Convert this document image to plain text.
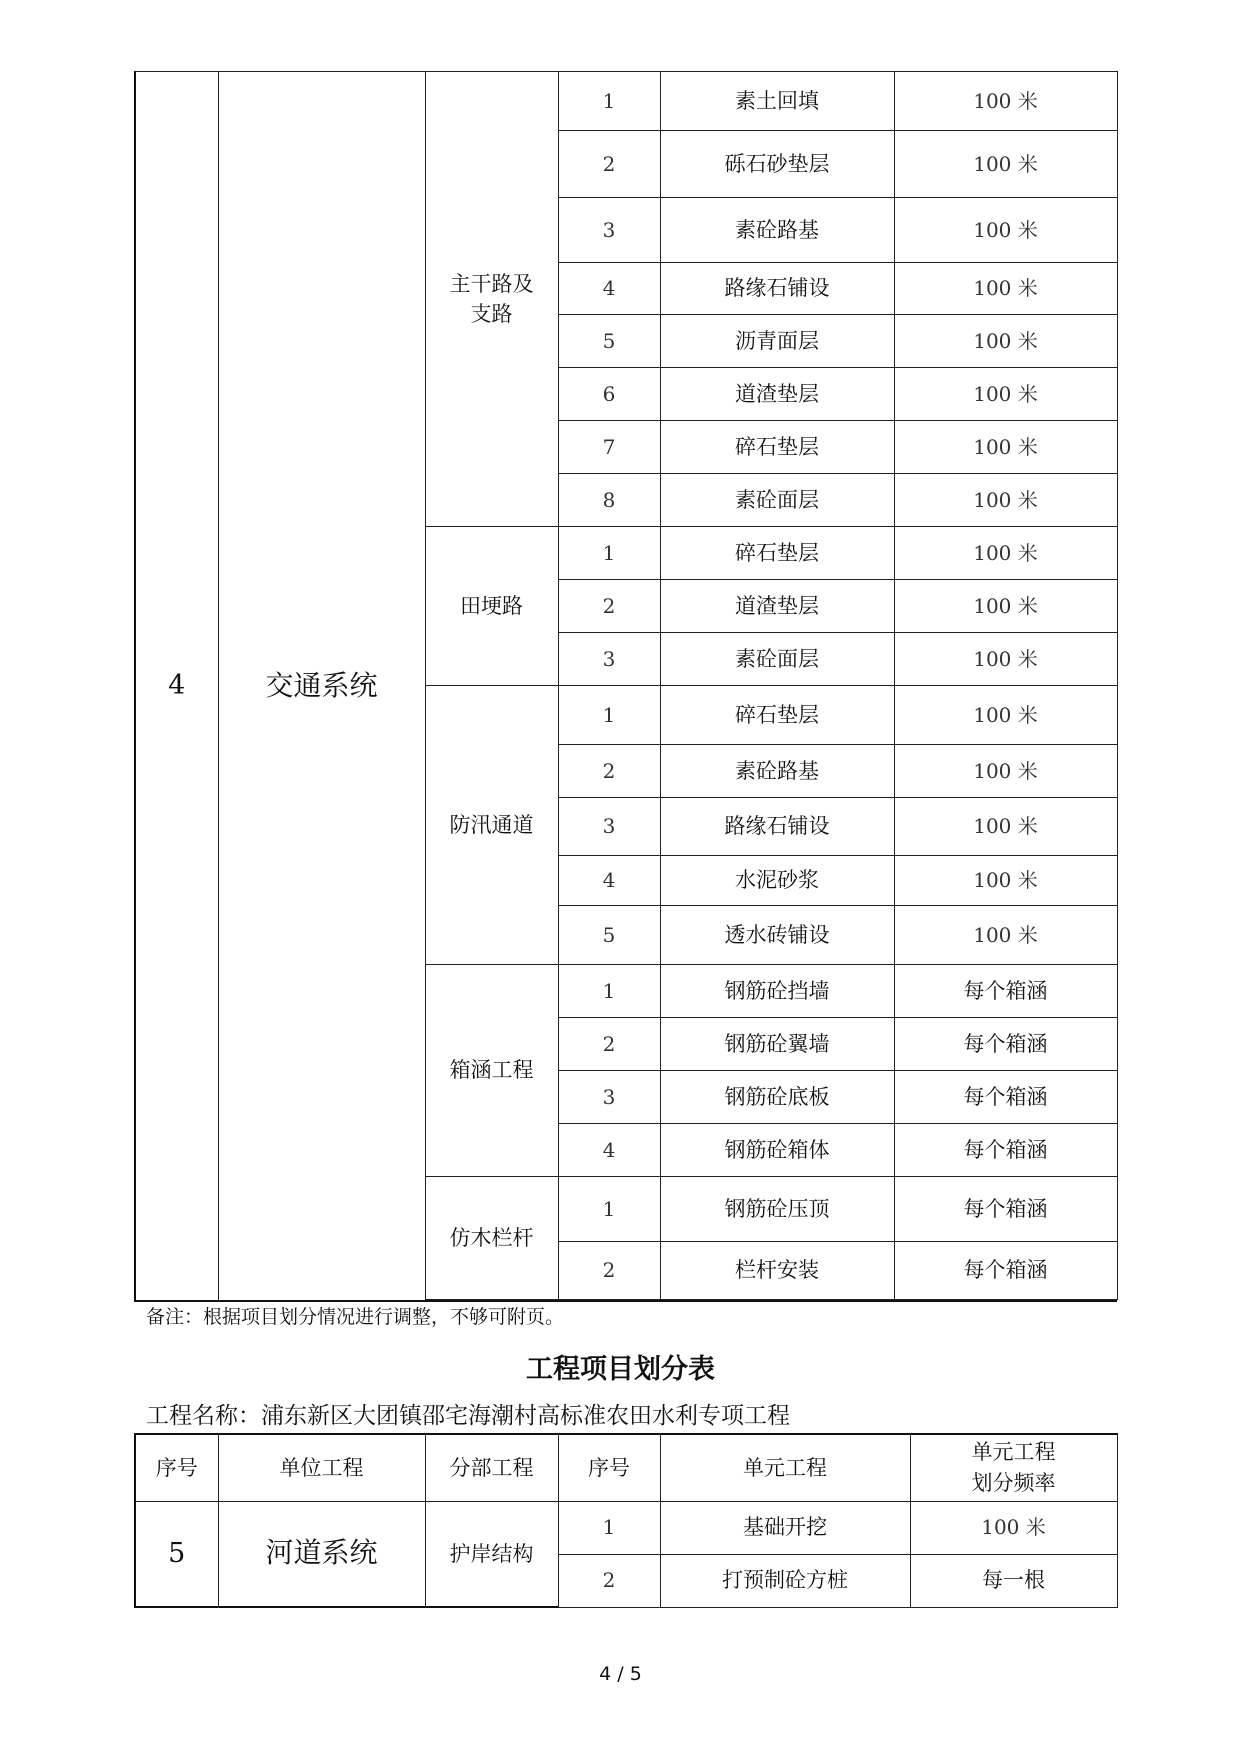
4	交通系统	主干路及支路	1	素土回填	100 米
			2	砾石砂垫层	100 米
			3	素砼路基	100 米
			4	路缘石铺设	100 米
			5	沥青面层	100 米
			6	道渣垫层	100 米
			7	碎石垫层	100 米
			8	素砼面层	100 米
		田埂路	1	碎石垫层	100 米
			2	道渣垫层	100 米
			3	素砼面层	100 米
		防汛通道	1	碎石垫层	100 米
			2	素砼路基	100 米
			3	路缘石铺设	100 米
			4	水泥砂浆	100 米
			5	透水砖铺设	100 米
		箱涵工程	1	钢筋砼挡墙	每个箱涵
			2	钢筋砼翼墙	每个箱涵
			3	钢筋砼底板	每个箱涵
			4	钢筋砼箱体	每个箱涵
		仿木栏杆	1	钢筋砼压顶	每个箱涵
			2	栏杆安装	每个箱涵

备注：根据项目划分情况进行调整，不够可附页。
工程项目划分表
工程名称：浦东新区大团镇邵宅海潮村高标准农田水利专项工程
序号	单位工程	分部工程	序号	单元工程	单元工程
划分频率

5	河道系统	护岸结构	1	基础开挖	100 米
			2	打预制砼方桩	每一根
4 / 5
